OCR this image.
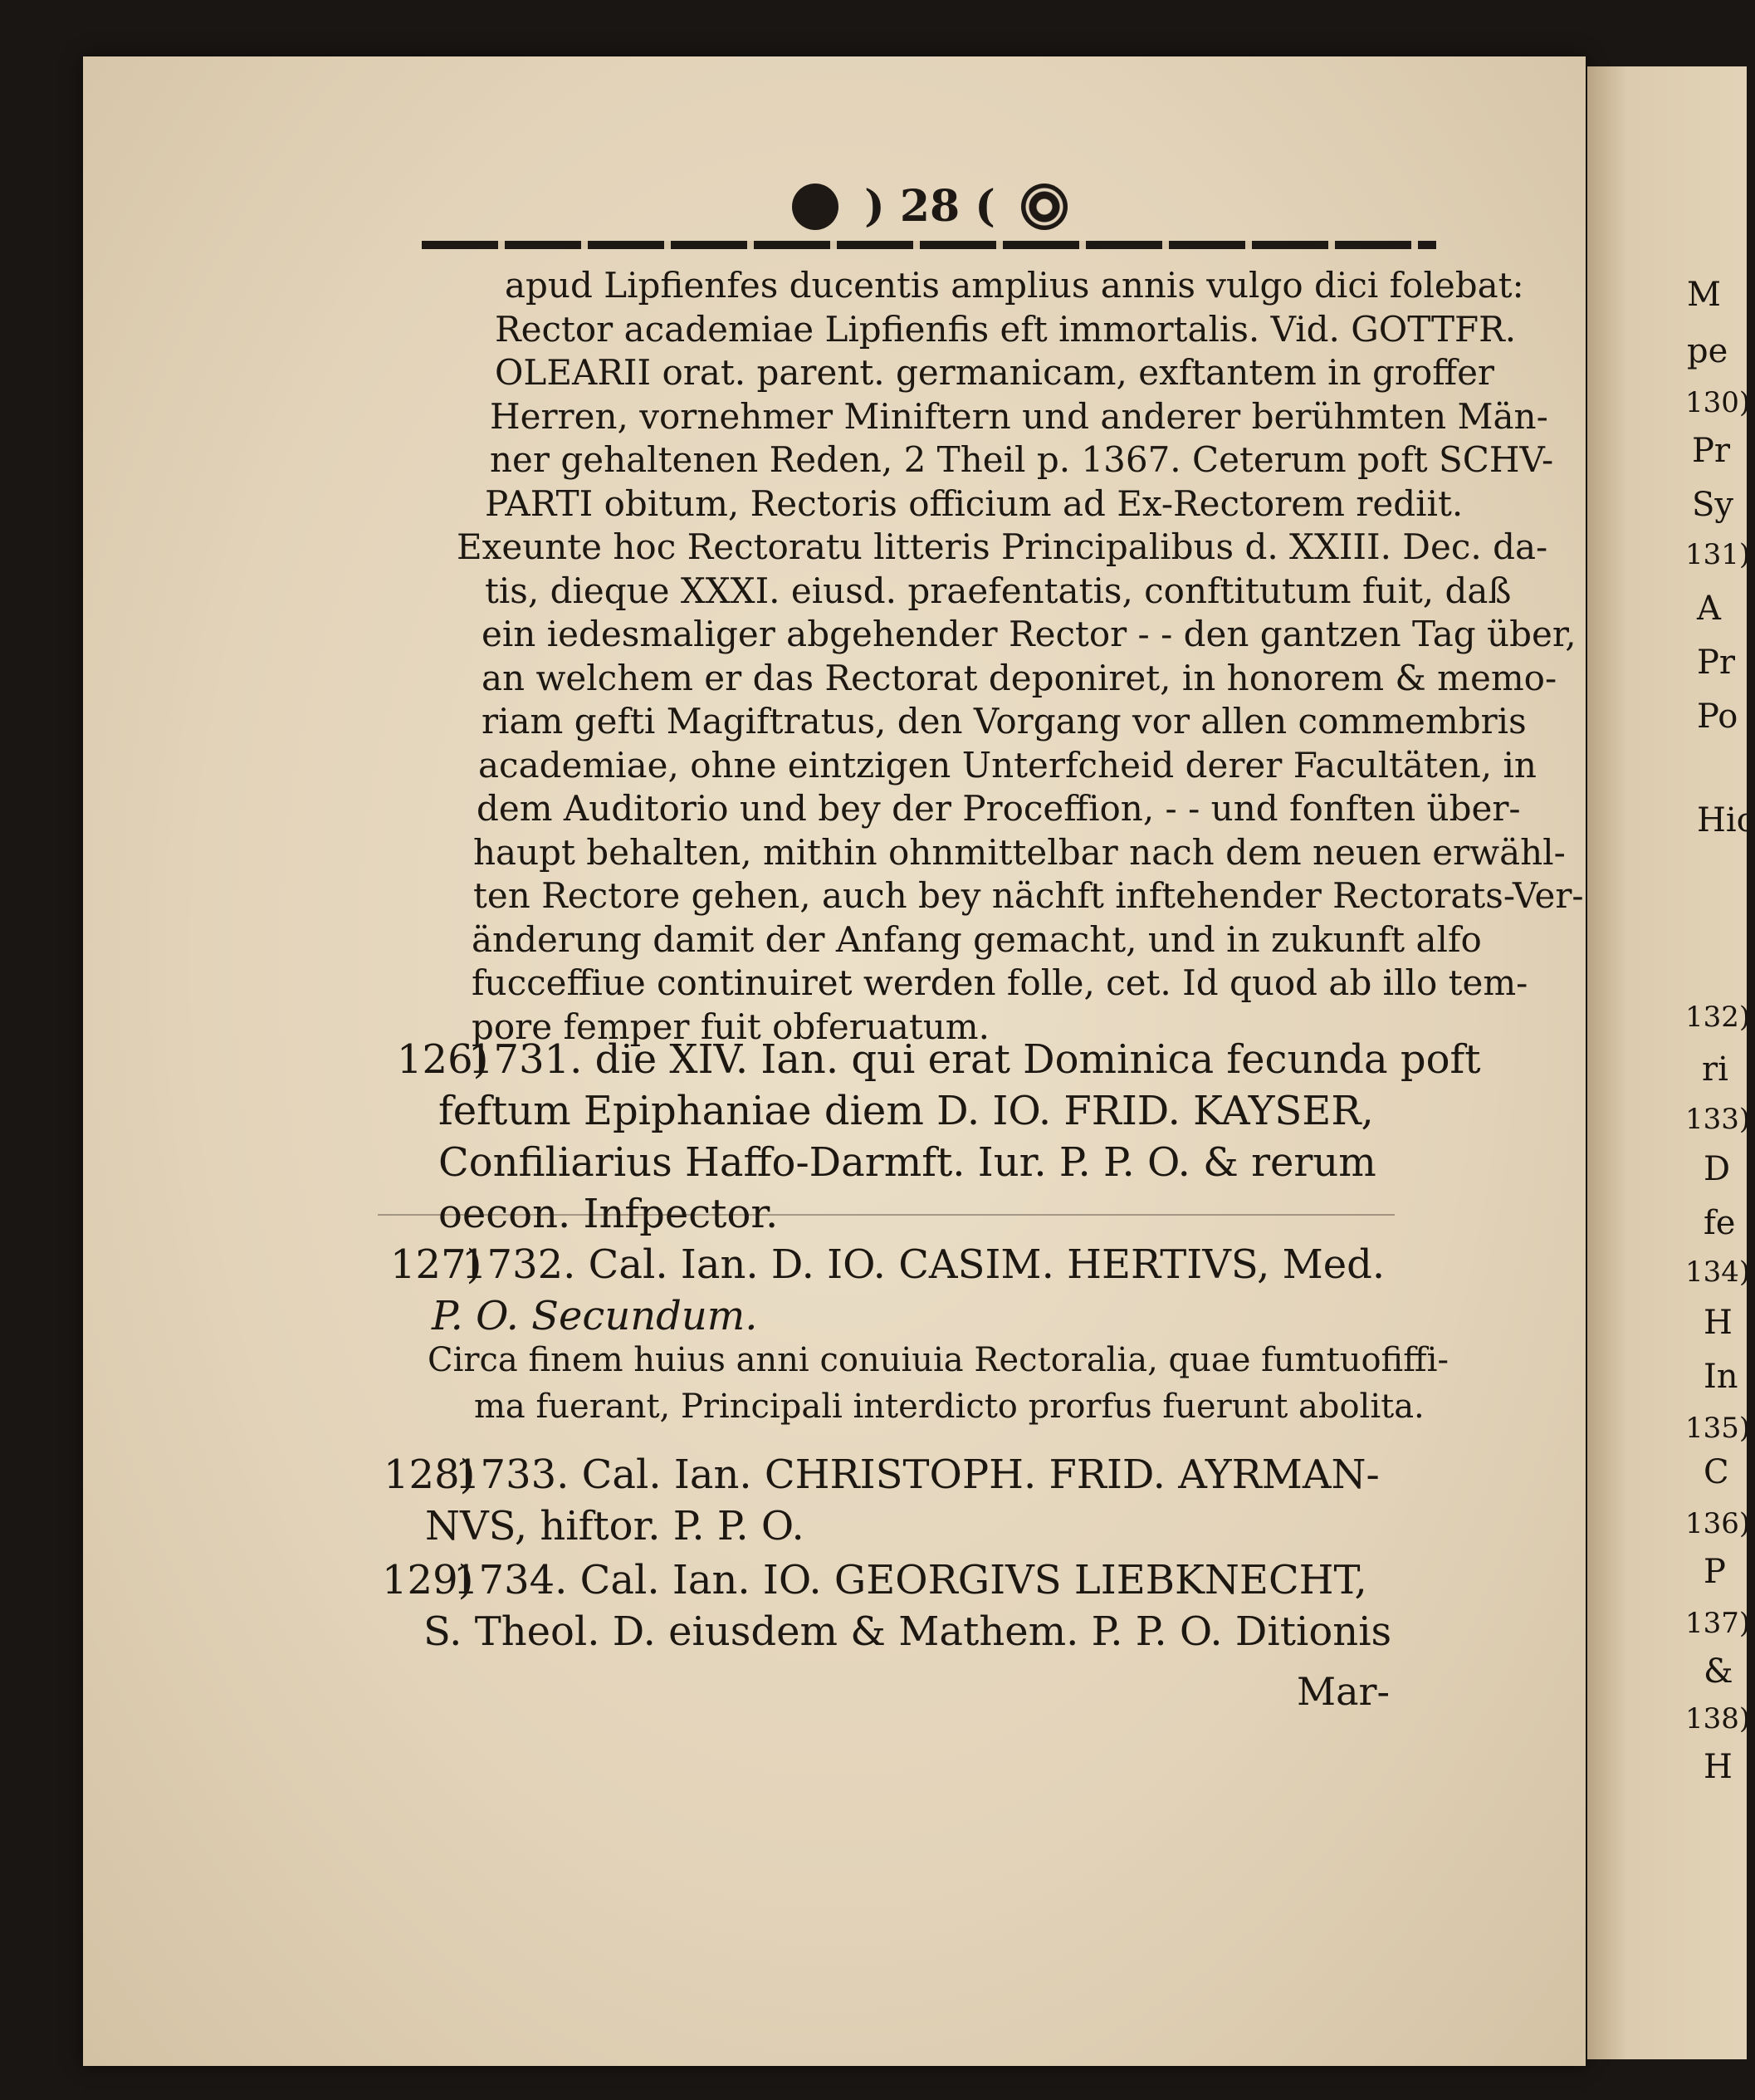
M
pe
130)
Pr
Sy
131)
A
Pr
Po
Hic
132)
ri
133)
D
fe
134)
H
In
135)
C
136)
P
137)
&
138)
H
) 28 (
apud Lipfienfes ducentis amplius annis vulgo dici folebat:
Rector academiae Lipfienfis eft immortalis. Vid. GOTTFR.
OLEARII orat. parent. germanicam, exftantem in groffer
Herren, vornehmer Miniftern und anderer berühmten Män-
ner gehaltenen Reden, 2 Theil p. 1367. Ceterum poft SCHV-
PARTI obitum, Rectoris officium ad Ex-Rectorem rediit.
Exeunte hoc Rectoratu litteris Principalibus d. XXIII. Dec. da-
tis, dieque XXXI. eiusd. praefentatis, conftitutum fuit, daß
ein iedesmaliger abgehender Rector - - den gantzen Tag über,
an welchem er das Rectorat deponiret, in honorem & memo-
riam gefti Magiftratus, den Vorgang vor allen commembris
academiae, ohne eintzigen Unterfcheid derer Facultäten, in
dem Auditorio und bey der Proceffion, - - und fonften über-
haupt behalten, mithin ohnmittelbar nach dem neuen erwähl-
ten Rectore gehen, auch bey nächft inftehender Rectorats-Ver-
änderung damit der Anfang gemacht, und in zukunft alfo
fucceffiue continuiret werden folle, cet. Id quod ab illo tem-
pore femper fuit obferuatum.
126)
1731. die XIV. Ian. qui erat Dominica fecunda poft
feftum Epiphaniae diem D. IO. FRID. KAYSER,
Confiliarius Haffo-Darmft. Iur. P. P. O. & rerum
oecon. Infpector.
127)
1732. Cal. Ian. D. IO. CASIM. HERTIVS, Med.
P. O. Secundum.
Circa finem huius anni conuiuia Rectoralia, quae fumtuofiffi-
ma fuerant, Principali interdicto prorfus fuerunt abolita.
128)
1733. Cal. Ian. CHRISTOPH. FRID. AYRMAN-
NVS, hiftor. P. P. O.
129)
1734. Cal. Ian. IO. GEORGIVS LIEBKNECHT,
S. Theol. D. eiusdem & Mathem. P. P. O. Ditionis
Mar-
